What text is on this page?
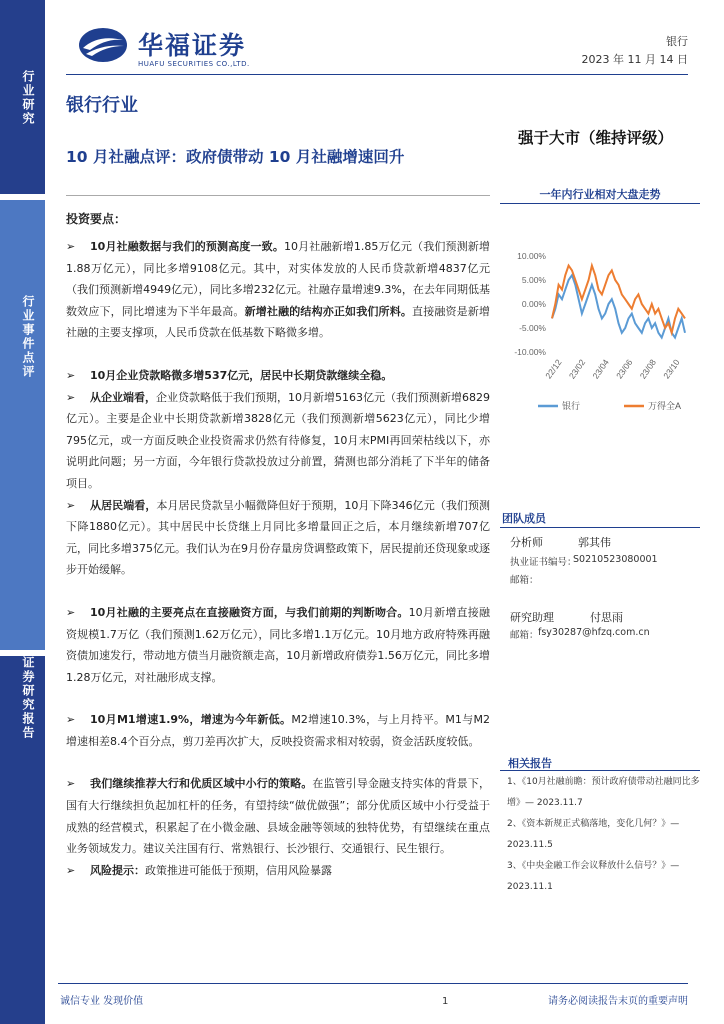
行业研究
行业事件点评
证券研究报告
华福证券
HUAFU SECURITIES CO.,LTD.
银行
2023 年 11 月 14 日
银行行业
10 月社融点评：政府债带动 10 月社融增速回升
强于大市（维持评级）
投资要点：

➢ 10月社融数据与我们的预测高度一致。10月社融新增1.85万亿元（我们预测新增1.88万亿元），同比多增9108亿元。其中，对实体发放的人民币贷款新增4837亿元（我们预测新增4949亿元），同比多增232亿元。社融存量增速9.3%，在去年同期低基数效应下，同比增速为下半年最高。新增社融的结构亦正如我们所料。直接融资是新增社融的主要支撑项，人民币贷款在低基数下略微多增。

➢ 10月企业贷款略微多增537亿元，居民中长期贷款继续全稳。

➢ 从企业端看，企业贷款略低于我们预期，10月新增5163亿元（我们预测新增6829亿元）。主要是企业中长期贷款新增3828亿元（我们预测新增5623亿元），同比少增795亿元，或一方面反映企业投资需求仍然有待修复，10月末PMI再回荣枯线以下，亦说明此问题；另一方面，今年银行贷款投放过分前置，猜测也部分消耗了下半年的储备项目。

➢ 从居民端看，本月居民贷款呈小幅微降但好于预期，10月下降346亿元（我们预测下降1880亿元）。其中居民中长贷继上月同比多增量回正之后，本月继续新增707亿元，同比多增375亿元。我们认为在9月份存量房贷调整政策下，居民提前还贷现象或逐步开始缓解。

➢ 10月社融的主要亮点在直接融资方面，与我们前期的判断吻合。10月新增直接融资规模1.7万亿（我们预测1.62万亿元），同比多增1.1万亿元。10月地方政府特殊再融资债加速发行，带动地方债当月融资额走高，10月新增政府债券1.56万亿元，同比多增1.28万亿元，对社融形成支撑。

➢ 10月M1增速1.9%，增速为今年新低。M2增速10.3%，与上月持平。M1与M2增速相差8.4个百分点，剪刀差再次扩大，反映投资需求相对较弱，资金活跃度较低。

➢ 我们继续推荐大行和优质区域中小行的策略。在监管引导金融支持实体的背景下，国有大行继续担负起加杠杆的任务，有望持续“做优做强”；部分优质区域中小行受益于成熟的经营模式，积累起了在小微金融、县域金融等领域的独特优势，有望继续在重点业务领域发力。建议关注国有行、常熟银行、长沙银行、交通银行、民生银行。

➢ 风险提示：政策推进可能低于预期，信用风险暴露

一年内行业相对大盘走势
10.00%
5.00%
0.00%
-5.00%
-10.00%
22/12 23/02 23/04 23/06 23/08 23/10
银行	万得全A
团队成员
分析师	郭其伟
执业证书编号：
S0210523080001
邮箱：
研究助理	付思雨
邮箱： fsy30287@hfzq.com.cn
相关报告
1、《10月社融前瞻：预计政府债带动社融同比多增》— 2023.11.7
2、《资本新规正式稿落地，变化几何？》— 2023.11.5
3、《中央金融工作会议释放什么信号？》— 2023.11.1
诚信专业 发现价值	1	请务必阅读报告末页的重要声明
